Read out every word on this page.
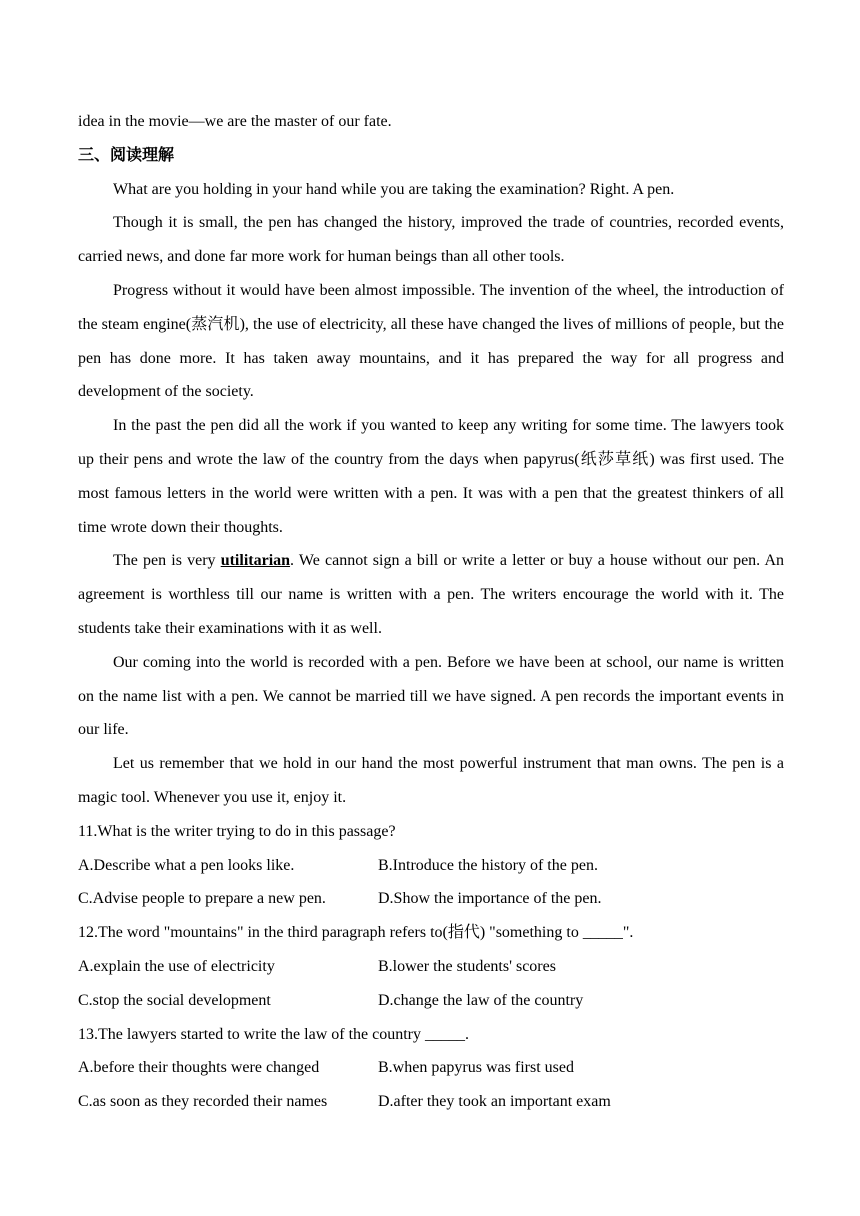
idea in the movie—we are the master of our fate.

三、阅读理解

What are you holding in your hand while you are taking the examination? Right. A pen.

Though it is small, the pen has changed the history, improved the trade of countries, recorded events, carried news, and done far more work for human beings than all other tools.

Progress without it would have been almost impossible. The invention of the wheel, the introduction of the steam engine(蒸汽机), the use of electricity, all these have changed the lives of millions of people, but the pen has done more. It has taken away mountains, and it has prepared the way for all progress and development of the society.

In the past the pen did all the work if you wanted to keep any writing for some time. The lawyers took up their pens and wrote the law of the country from the days when papyrus(纸莎草纸) was first used. The most famous letters in the world were written with a pen. It was with a pen that the greatest thinkers of all time wrote down their thoughts.

The pen is very utilitarian. We cannot sign a bill or write a letter or buy a house without our pen. An agreement is worthless till our name is written with a pen. The writers encourage the world with it. The students take their examinations with it as well.

Our coming into the world is recorded with a pen. Before we have been at school, our name is written on the name list with a pen. We cannot be married till we have signed. A pen records the important events in our life.

Let us remember that we hold in our hand the most powerful instrument that man owns. The pen is a magic tool. Whenever you use it, enjoy it.

11.What is the writer trying to do in this passage?

A.Describe what a pen looks like.	B.Introduce the history of the pen.
C.Advise people to prepare a new pen.	D.Show the importance of the pen.

12.The word "mountains" in the third paragraph refers to(指代) "something to _____".

A.explain the use of electricity	B.lower the students' scores
C.stop the social development	D.change the law of the country

13.The lawyers started to write the law of the country _____.

A.before their thoughts were changed	B.when papyrus was first used
C.as soon as they recorded their names	D.after they took an important exam
